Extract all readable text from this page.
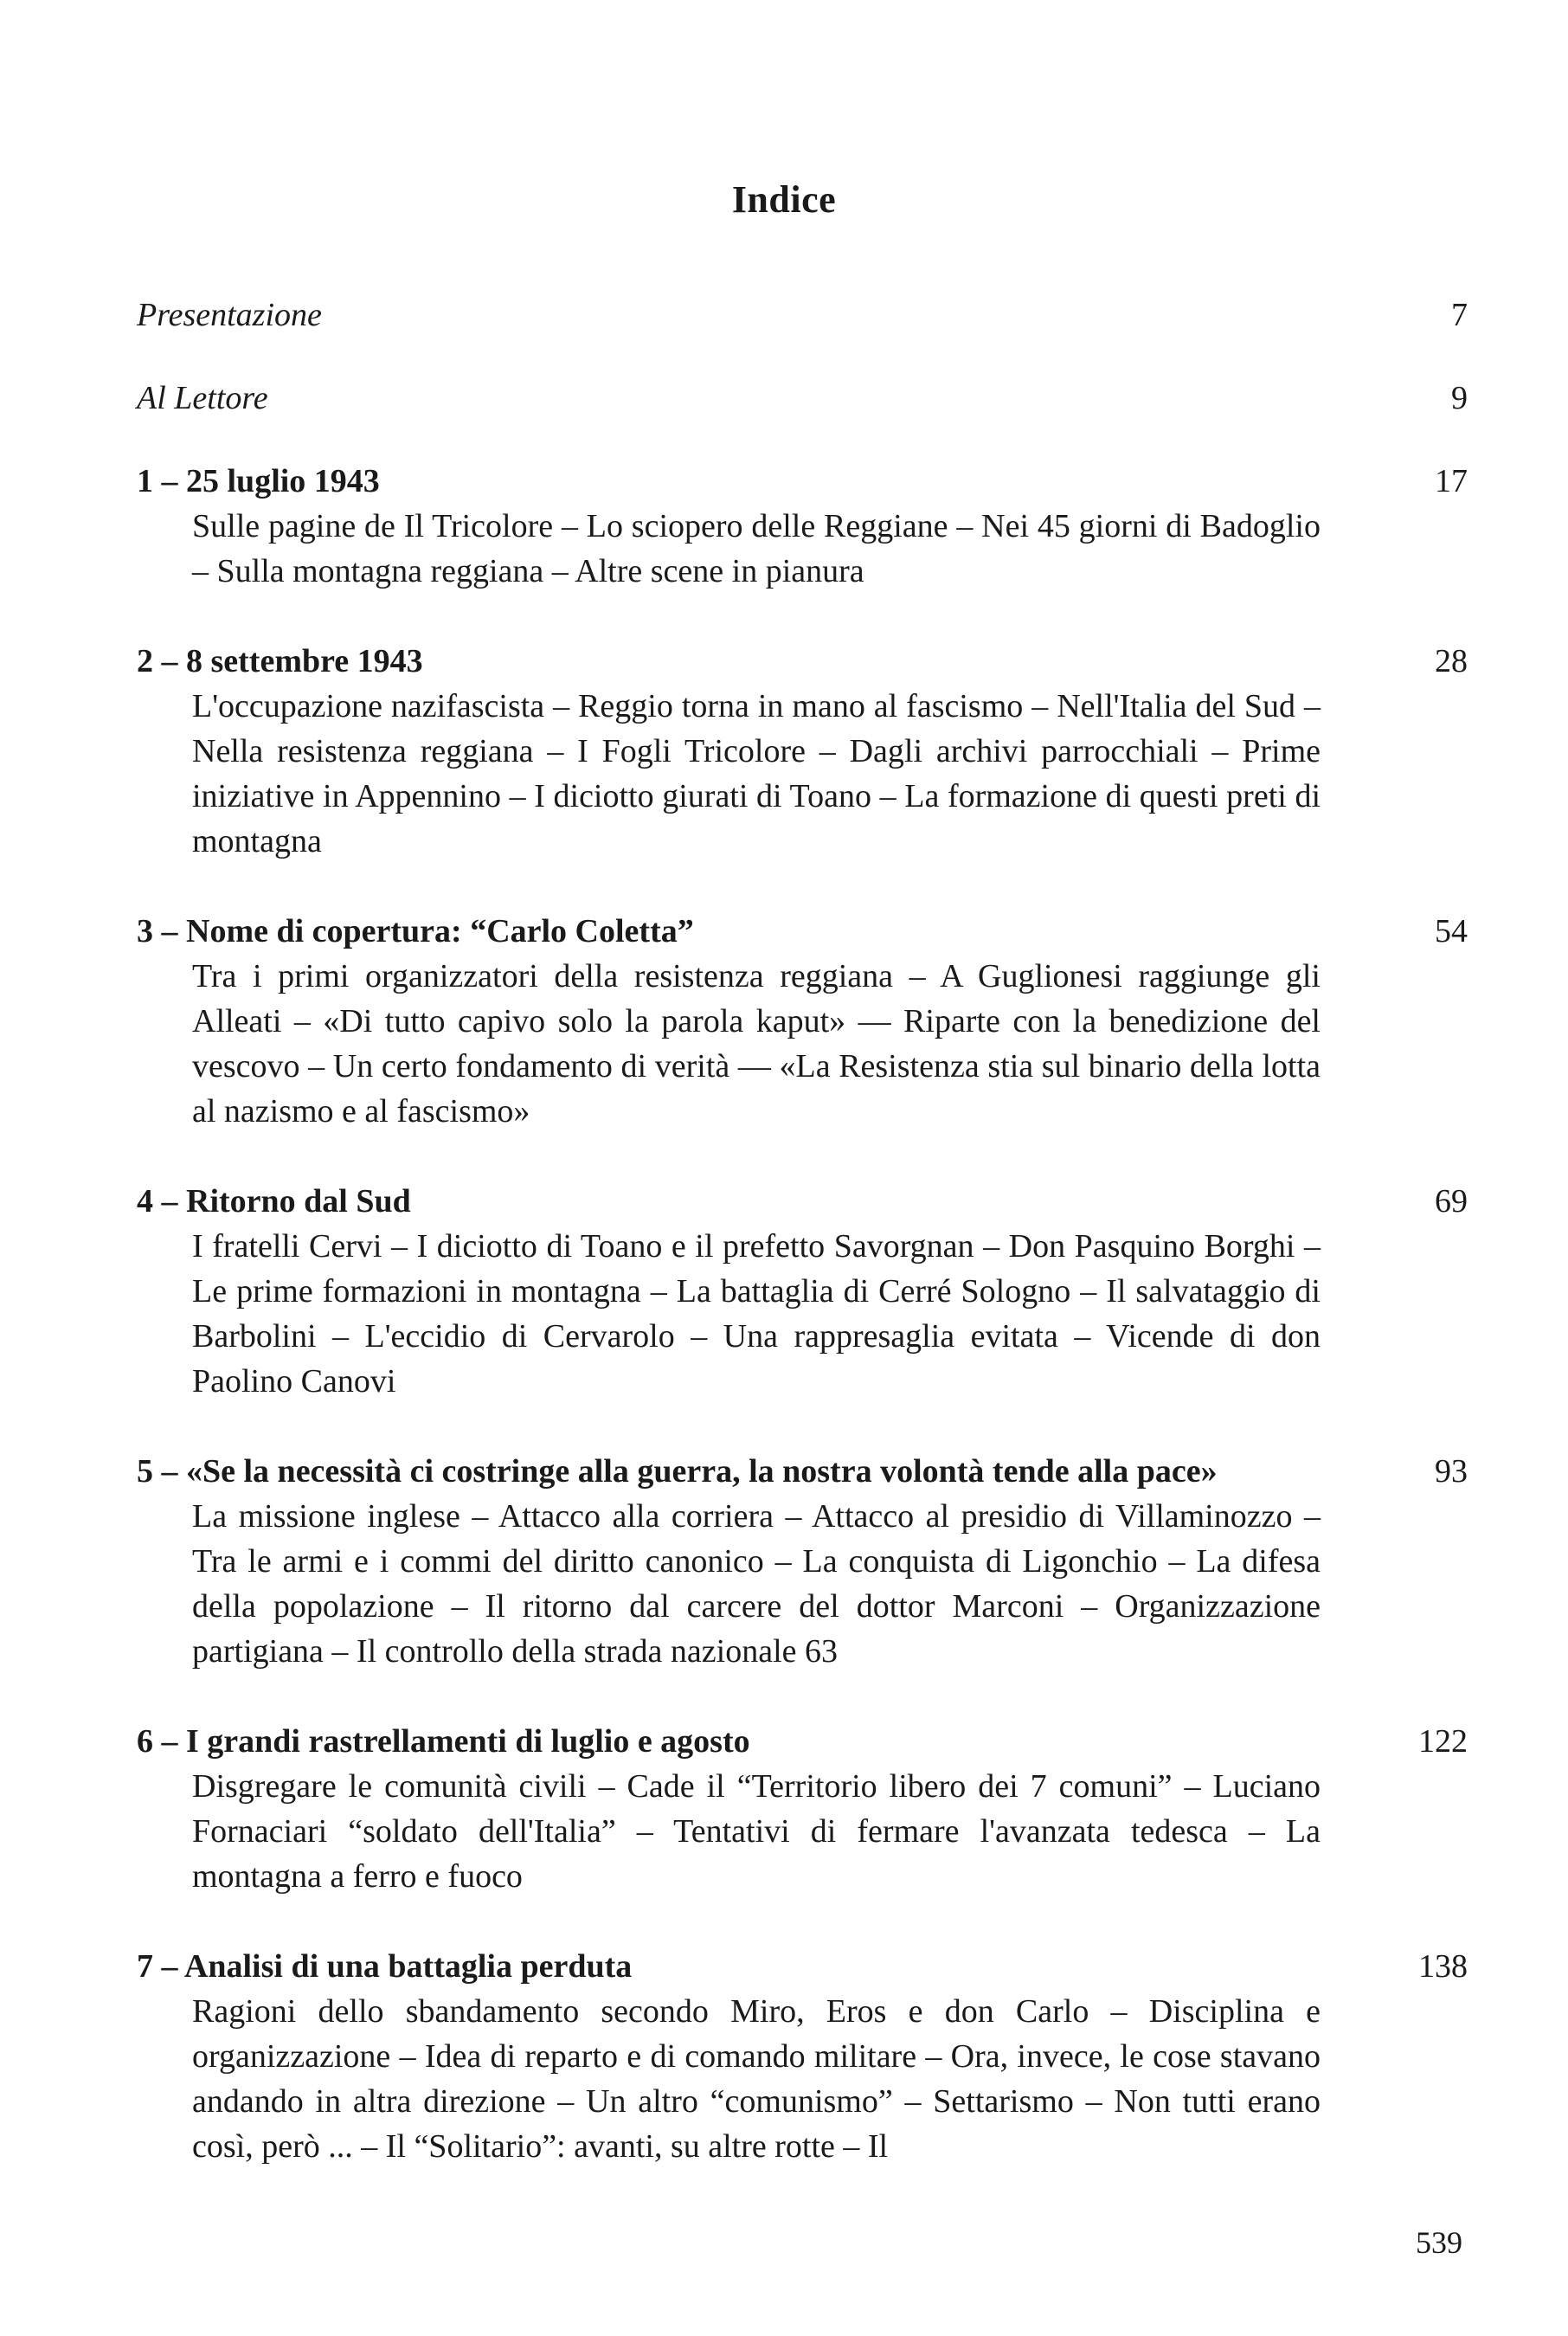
Indice
Presentazione	7
Al Lettore	9
1 – 25 luglio 1943	17

Sulle pagine de Il Tricolore – Lo sciopero delle Reggiane – Nei 45 giorni di Badoglio – Sulla montagna reggiana – Altre scene in pianura

2 – 8 settembre 1943	28

L'occupazione nazifascista – Reggio torna in mano al fascismo – Nell'Italia del Sud – Nella resistenza reggiana – I Fogli Tricolore – Dagli archivi parrocchiali – Prime iniziative in Appennino – I diciotto giurati di Toano – La formazione di questi preti di montagna

3 – Nome di copertura: “Carlo Coletta”	54

Tra i primi organizzatori della resistenza reggiana – A Guglionesi raggiunge gli Alleati – «Di tutto capivo solo la parola kaput» — Riparte con la benedizione del vescovo – Un certo fondamento di verità — «La Resistenza stia sul binario della lotta al nazismo e al fascismo»

4 – Ritorno dal Sud	69

I fratelli Cervi – I diciotto di Toano e il prefetto Savorgnan – Don Pasquino Borghi – Le prime formazioni in montagna – La battaglia di Cerré Sologno – Il salvataggio di Barbolini – L'eccidio di Cervarolo – Una rappresaglia evitata – Vicende di don Paolino Canovi

5 – «Se la necessità ci costringe alla guerra, la nostra volontà tende alla pace»	93

La missione inglese – Attacco alla corriera – Attacco al presidio di Villaminozzo – Tra le armi e i commi del diritto canonico – La conquista di Ligonchio – La difesa della popolazione – Il ritorno dal carcere del dottor Marconi – Organizzazione partigiana – Il controllo della strada nazionale 63

6 – I grandi rastrellamenti di luglio e agosto	122

Disgregare le comunità civili – Cade il “Territorio libero dei 7 comuni” – Luciano Fornaciari “soldato dell'Italia” – Tentativi di fermare l'avanzata tedesca – La montagna a ferro e fuoco

7 – Analisi di una battaglia perduta	138

Ragioni dello sbandamento secondo Miro, Eros e don Carlo – Disciplina e organizzazione – Idea di reparto e di comando militare – Ora, invece, le cose stavano andando in altra direzione – Un altro “comunismo” – Settarismo – Non tutti erano così, però ... – Il “Solitario”: avanti, su altre rotte – Il

539
